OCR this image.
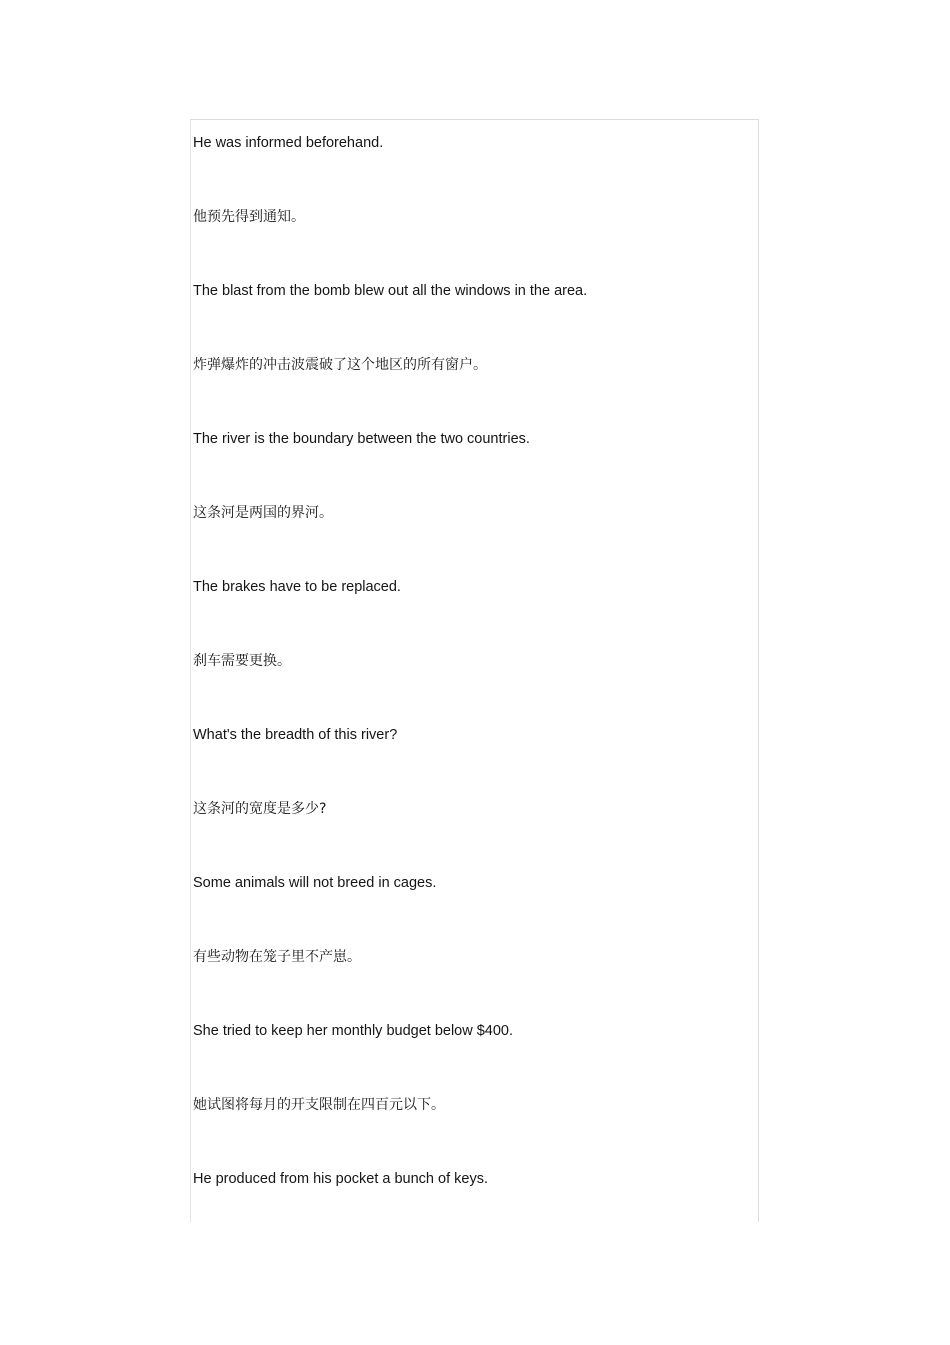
He was informed beforehand.
他预先得到通知。
The blast from the bomb blew out all the windows in the area.
炸弹爆炸的冲击波震破了这个地区的所有窗户。
The river is the boundary between the two countries.
这条河是两国的界河。
The brakes have to be replaced.
刹车需要更换。
What's the breadth of this river?
这条河的宽度是多少?
Some animals will not breed in cages.
有些动物在笼子里不产崽。
She tried to keep her monthly budget below $400.
她试图将每月的开支限制在四百元以下。
He produced from his pocket a bunch of keys.
